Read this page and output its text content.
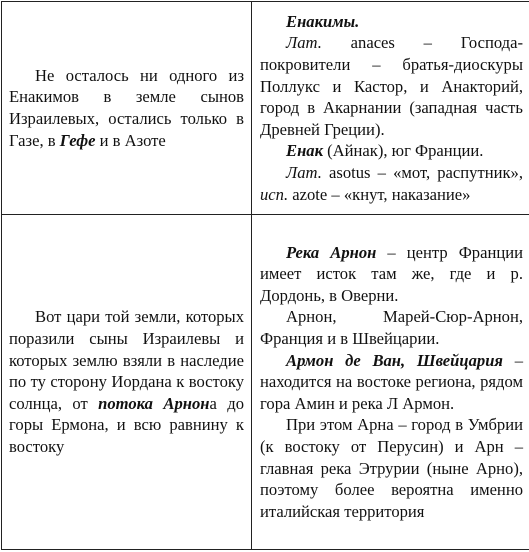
Не осталось ни одного из Енакимов в земле сынов Израилевых, остались только в Газе, в Гефе и в Азоте	Енакимы.

Лат. anaces – Господа-покровители – братья-диоскуры Поллукс и Кастор, и Анакторий, город в Акарнании (западная часть Древней Греции).

Енак (Айнак), юг Франции.

Лат. asotus – «мот, распутник», исп. azote – «кнут, наказание»

Вот цари той земли, которых поразили сыны Израилевы и которых землю взяли в наследие по ту сторону Иордана к востоку солнца, от потока Арнона до горы Ермона, и всю равнину к востоку	Река Арнон – центр Франции имеет исток там же, где и р. Дордонь, в Оверни.

Арнон, Марей-Сюр-Арнон, Франция и в Швейцарии.

Армон де Ван, Швейцария – находится на востоке региона, рядом гора Амин и река Л Армон.

При этом Арна – город в Умбрии (к востоку от Перусин) и Арн – главная река Этрурии (ныне Арно), поэтому более вероятна именно италийская территория
